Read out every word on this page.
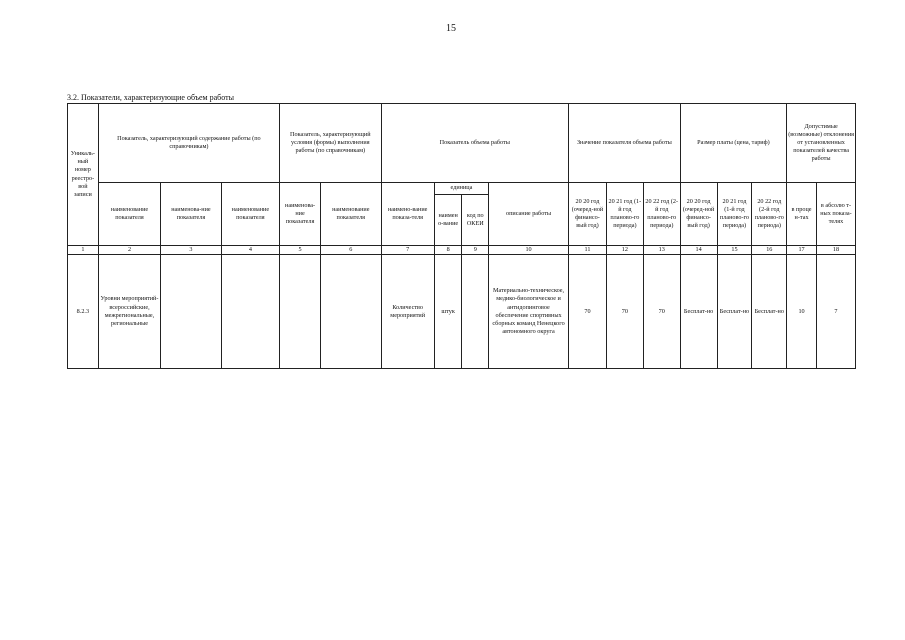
15
3.2. Показатели, характеризующие объем работы
Уникаль-ный номер реестро-вой записи	Показатель, характеризующий содержание работы (по справочникам)			Показатель, характеризующий условия (формы) выполнения работы (по справочникам)		Показатель объема работы				Значение показателя объема работы			Размер платы (цена, тариф)			Допустимые (возможные) отклонения от установленных показателей качества работы	
	наименование показателя	наименова-ние показателя	наименование показателя	наименова-ние показателя	наименование показателя	наимено-вание показа-теля	единица		описание работы	20 20 год (очеред-ной финансо-вый год)	20 21 год (1-й год планово-го периода)	20 22 год (2-й год планово-го периода)	20 20 год (очеред-ной финансо-вый год)	20 21 год (1-й год планово-го периода)	20 22 год (2-й год планово-го периода)	в проце н-тах	в абсолю т-ных показа-телях
							наимен о-вание	код по ОКЕИ									
1	2	3	4	5	6	7	8	9	10	11	12	13	14	15	16	17	18
8.2.3	Уровни мероприятий-всероссийские, межрегиональные, региональные					Количество мероприятий	штук		Материально-техническое, медико-биологическое и антидопинговое обеспечение спортивных сборных команд Ненецкого автономного округа	70	70	70	Бесплат-но	Бесплат-но	Бесплат-но	10	7
